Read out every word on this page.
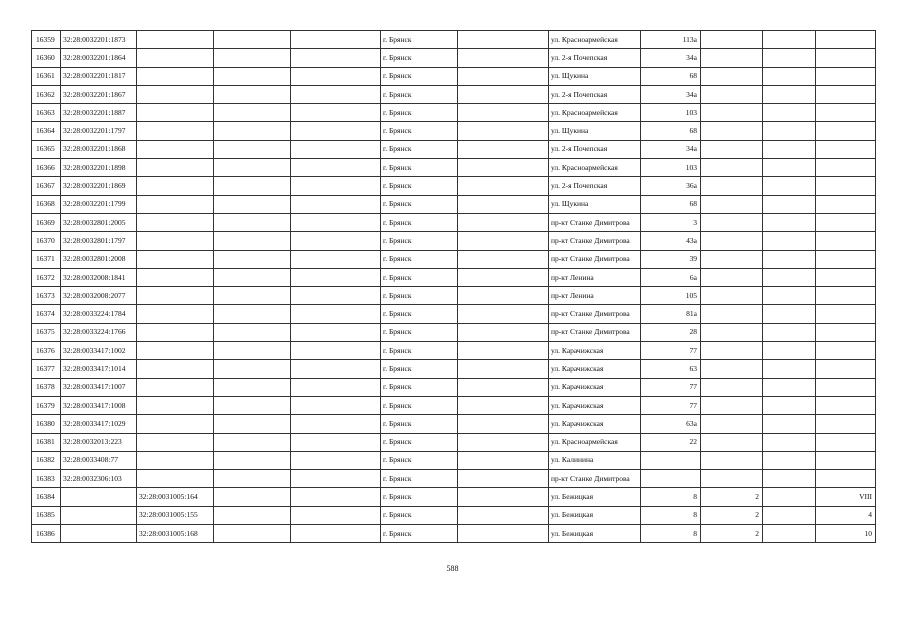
16359	32:28:0032201:1873				г. Брянск		ул. Красноармейская	113а			
16360	32:28:0032201:1864				г. Брянск		ул. 2-я Почепская	34а			
16361	32:28:0032201:1817				г. Брянск		ул. Щукина	68			
16362	32:28:0032201:1867				г. Брянск		ул. 2-я Почепская	34а			
16363	32:28:0032201:1887				г. Брянск		ул. Красноармейская	103			
16364	32:28:0032201:1797				г. Брянск		ул. Щукина	68			
16365	32:28:0032201:1868				г. Брянск		ул. 2-я Почепская	34а			
16366	32:28:0032201:1898				г. Брянск		ул. Красноармейская	103			
16367	32:28:0032201:1869				г. Брянск		ул. 2-я Почепская	36а			
16368	32:28:0032201:1799				г. Брянск		ул. Щукина	68			
16369	32:28:0032801:2005				г. Брянск		пр-кт Станке Димитрова	3			
16370	32:28:0032801:1797				г. Брянск		пр-кт Станке Димитрова	43а			
16371	32:28:0032801:2008				г. Брянск		пр-кт Станке Димитрова	39			
16372	32:28:0032008:1841				г. Брянск		пр-кт Ленина	6а			
16373	32:28:0032008:2077				г. Брянск		пр-кт Ленина	105			
16374	32:28:0033224:1784				г. Брянск		пр-кт Станке Димитрова	81а			
16375	32:28:0033224:1766				г. Брянск		пр-кт Станке Димитрова	28			
16376	32:28:0033417:1002				г. Брянск		ул. Карачижская	77			
16377	32:28:0033417:1014				г. Брянск		ул. Карачижская	63			
16378	32:28:0033417:1007				г. Брянск		ул. Карачижская	77			
16379	32:28:0033417:1008				г. Брянск		ул. Карачижская	77			
16380	32:28:0033417:1029				г. Брянск		ул. Карачижская	63а			
16381	32:28:0032013:223				г. Брянск		ул. Красноармейская	22			
16382	32:28:0033408:77				г. Брянск		ул. Калинина				
16383	32:28:0032306:103				г. Брянск		пр-кт Станке Димитрова				
16384		32:28:0031005:164			г. Брянск		ул. Бежицкая	8	2		VIII
16385		32:28:0031005:155			г. Брянск		ул. Бежицкая	8	2		4
16386		32:28:0031005:168			г. Брянск		ул. Бежицкая	8	2		10
588
